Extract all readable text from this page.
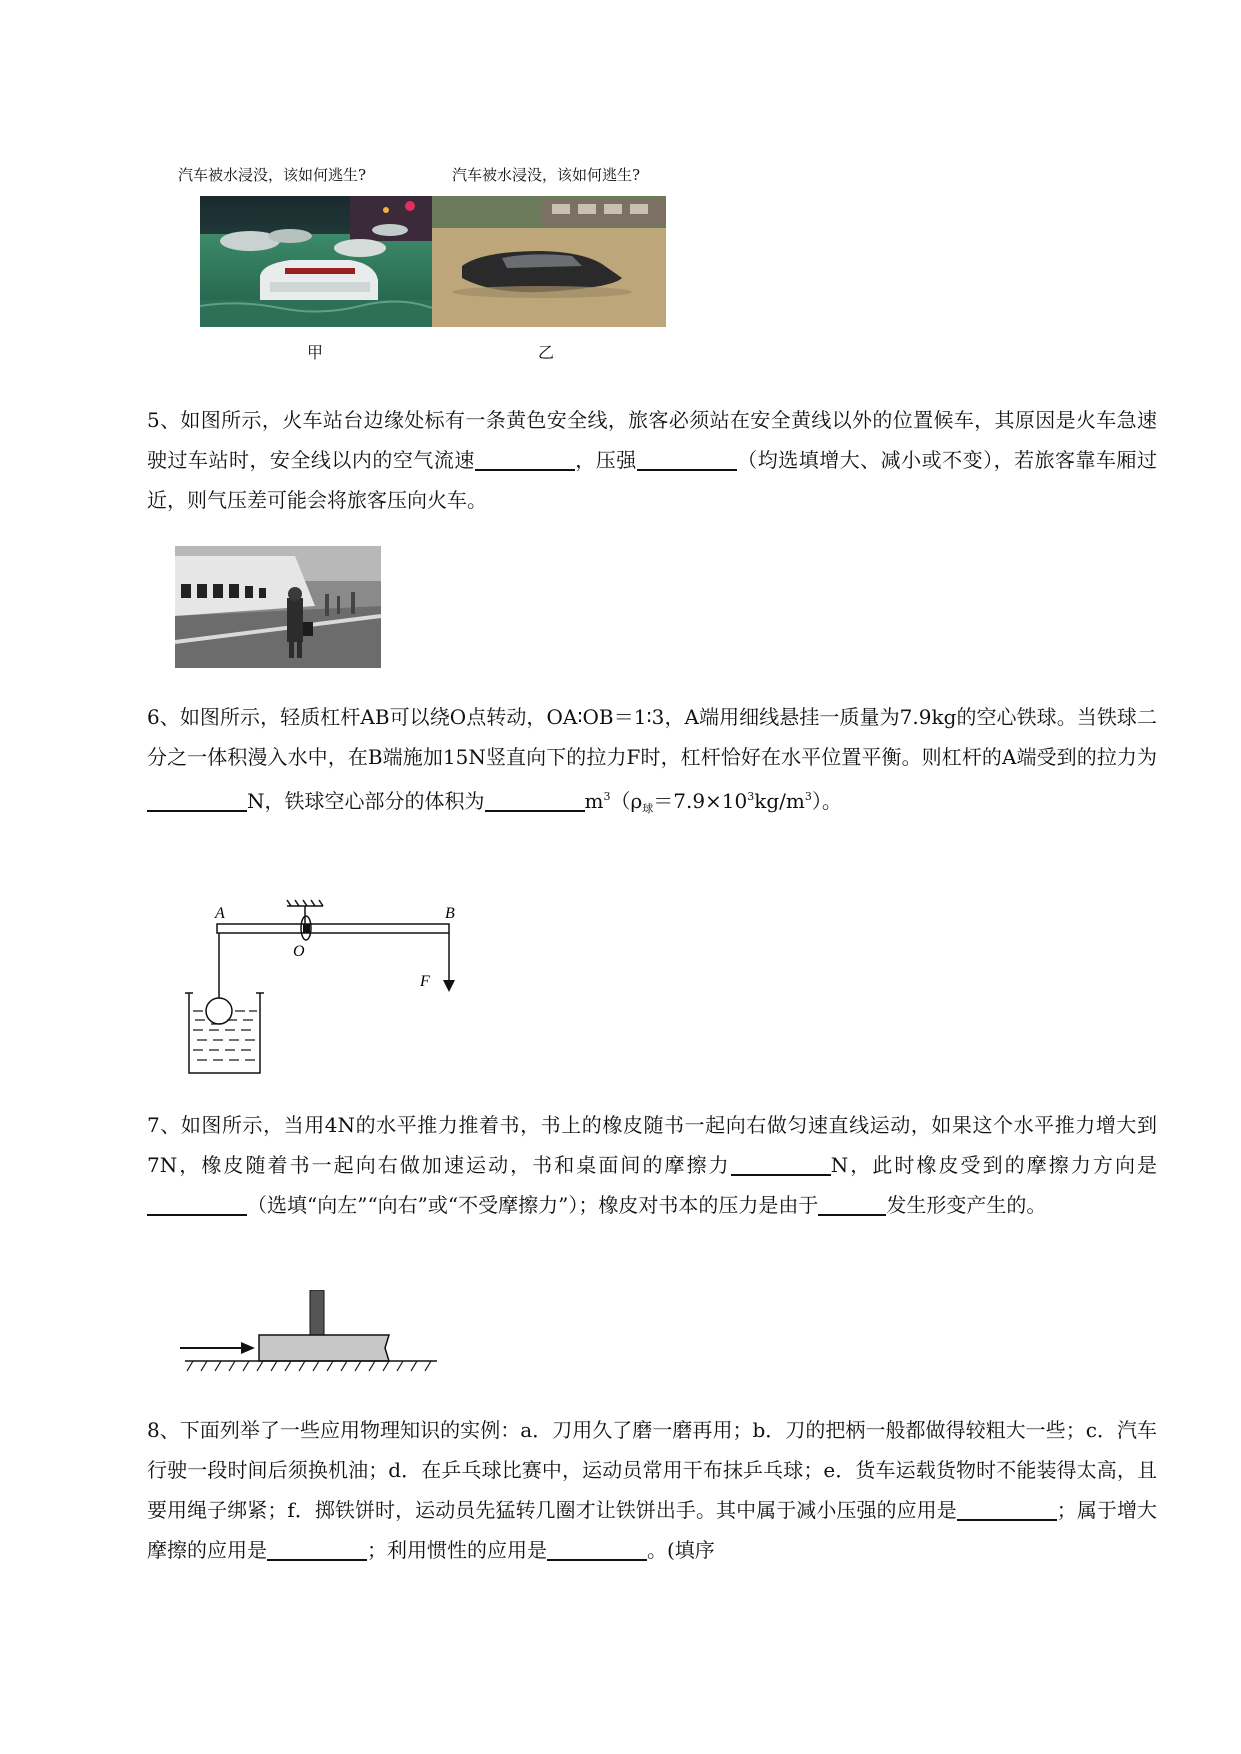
汽车被水浸没，该如何逃生?	汽车被水浸没，该如何逃生?
甲	乙
5、如图所示，火车站台边缘处标有一条黄色安全线，旅客必须站在安全黄线以外的位置候车，其原因是火车急速驶过车站时，安全线以内的空气流速	，压强	（均选填增大、减小或不变），若旅客靠车厢过近，则气压差可能会将旅客压向火车。
6、如图所示，轻质杠杆AB可以绕O点转动，OA∶OB＝1∶3，A端用细线悬挂一质量为7.9kg的空心铁球。当铁球二分之一体积漫入水中，在B端施加15N竖直向下的拉力F时，杠杆恰好在水平位置平衡。则杠杆的A端受到的拉力为N，铁球空心部分的体积为	$m^3(\rho_球=7.9\times 10^3kg/m^3)$。
A	B
O
F
7、如图所示，当用4N的水平推力推着书，书上的橡皮随书一起向右做匀速直线运动，如果这个水平推力增大到7N，橡皮随着书一起向右做加速运动，书和桌面间的摩擦力	N，此时橡皮受到的摩擦力方向是（选填“向左”“向右”或“不受摩擦力”）；橡皮对书本的压力是由于	发生形变产生的。
8、下面列举了一些应用物理知识的实例：a．刀用久了磨一磨再用；b．刀的把柄一般都做得较粗大一些；c．汽车行驶一段时间后须换机油；d．在乒乓球比赛中，运动员常用干布抹乒乓球；e．货车运载货物时不能装得太高，且要用绳子绑紧；f．掷铁饼时，运动员先猛转几圈才让铁饼出手。其中属于减小压强的应用是	；属于增大摩擦的应用是	；利用惯性的应用是	。(填序
